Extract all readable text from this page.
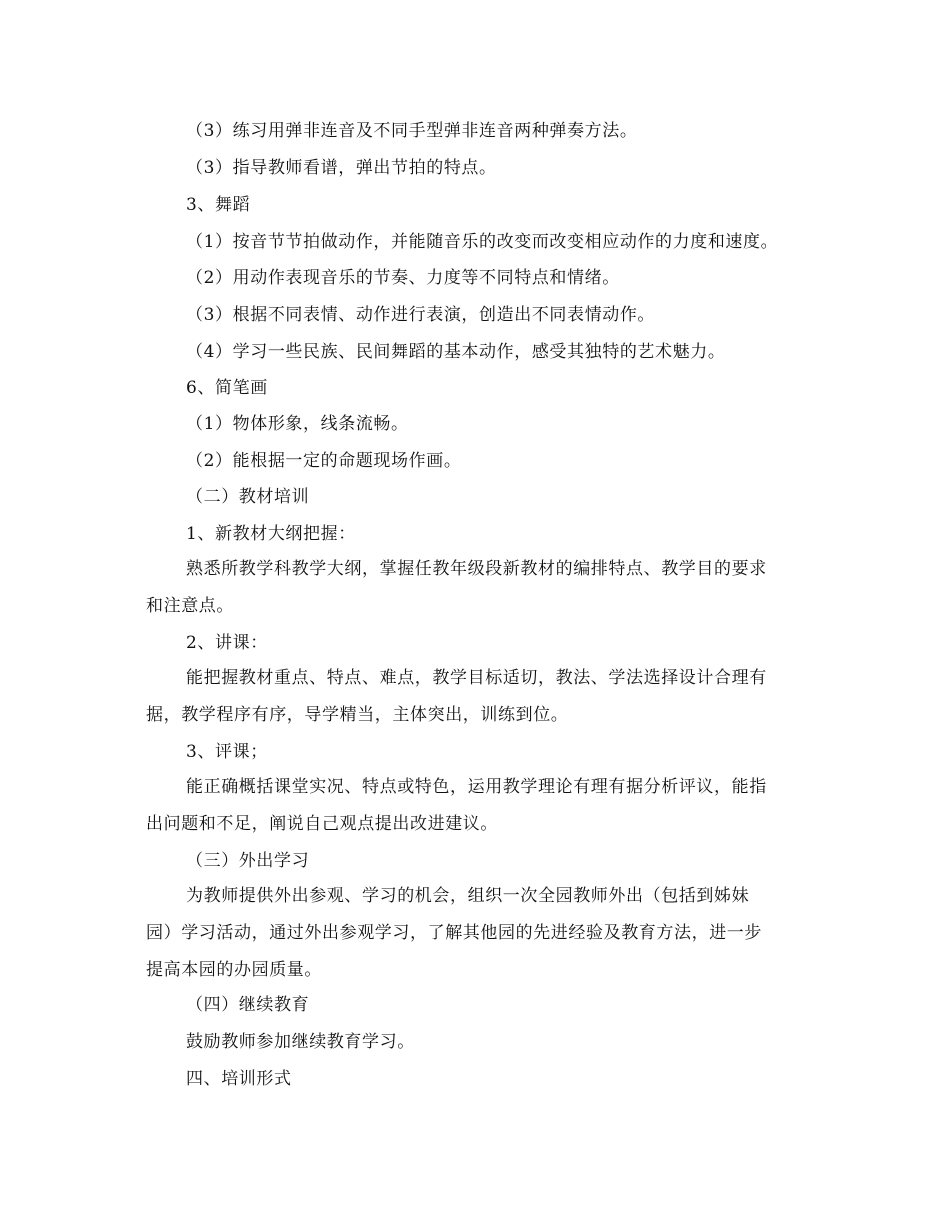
（3）练习用弹非连音及不同手型弹非连音两种弹奏方法。
（3）指导教师看谱，弹出节拍的特点。
3、舞蹈
（1）按音节节拍做动作，并能随音乐的改变而改变相应动作的力度和速度。
（2）用动作表现音乐的节奏、力度等不同特点和情绪。
（3）根据不同表情、动作进行表演，创造出不同表情动作。
（4）学习一些民族、民间舞蹈的基本动作，感受其独特的艺术魅力。
6、简笔画
（1）物体形象，线条流畅。
（2）能根据一定的命题现场作画。
（二）教材培训
1、新教材大纲把握：
熟悉所教学科教学大纲，掌握任教年级段新教材的编排特点、教学目的要求
和注意点。
2、讲课：
能把握教材重点、特点、难点，教学目标适切，教法、学法选择设计合理有
据，教学程序有序，导学精当，主体突出，训练到位。
3、评课；
能正确概括课堂实况、特点或特色，运用教学理论有理有据分析评议，能指
出问题和不足，阐说自己观点提出改进建议。
（三）外出学习
为教师提供外出参观、学习的机会，组织一次全园教师外出（包括到姊妹
园）学习活动，通过外出参观学习，了解其他园的先进经验及教育方法，进一步
提高本园的办园质量。
（四）继续教育
鼓励教师参加继续教育学习。
四、培训形式
